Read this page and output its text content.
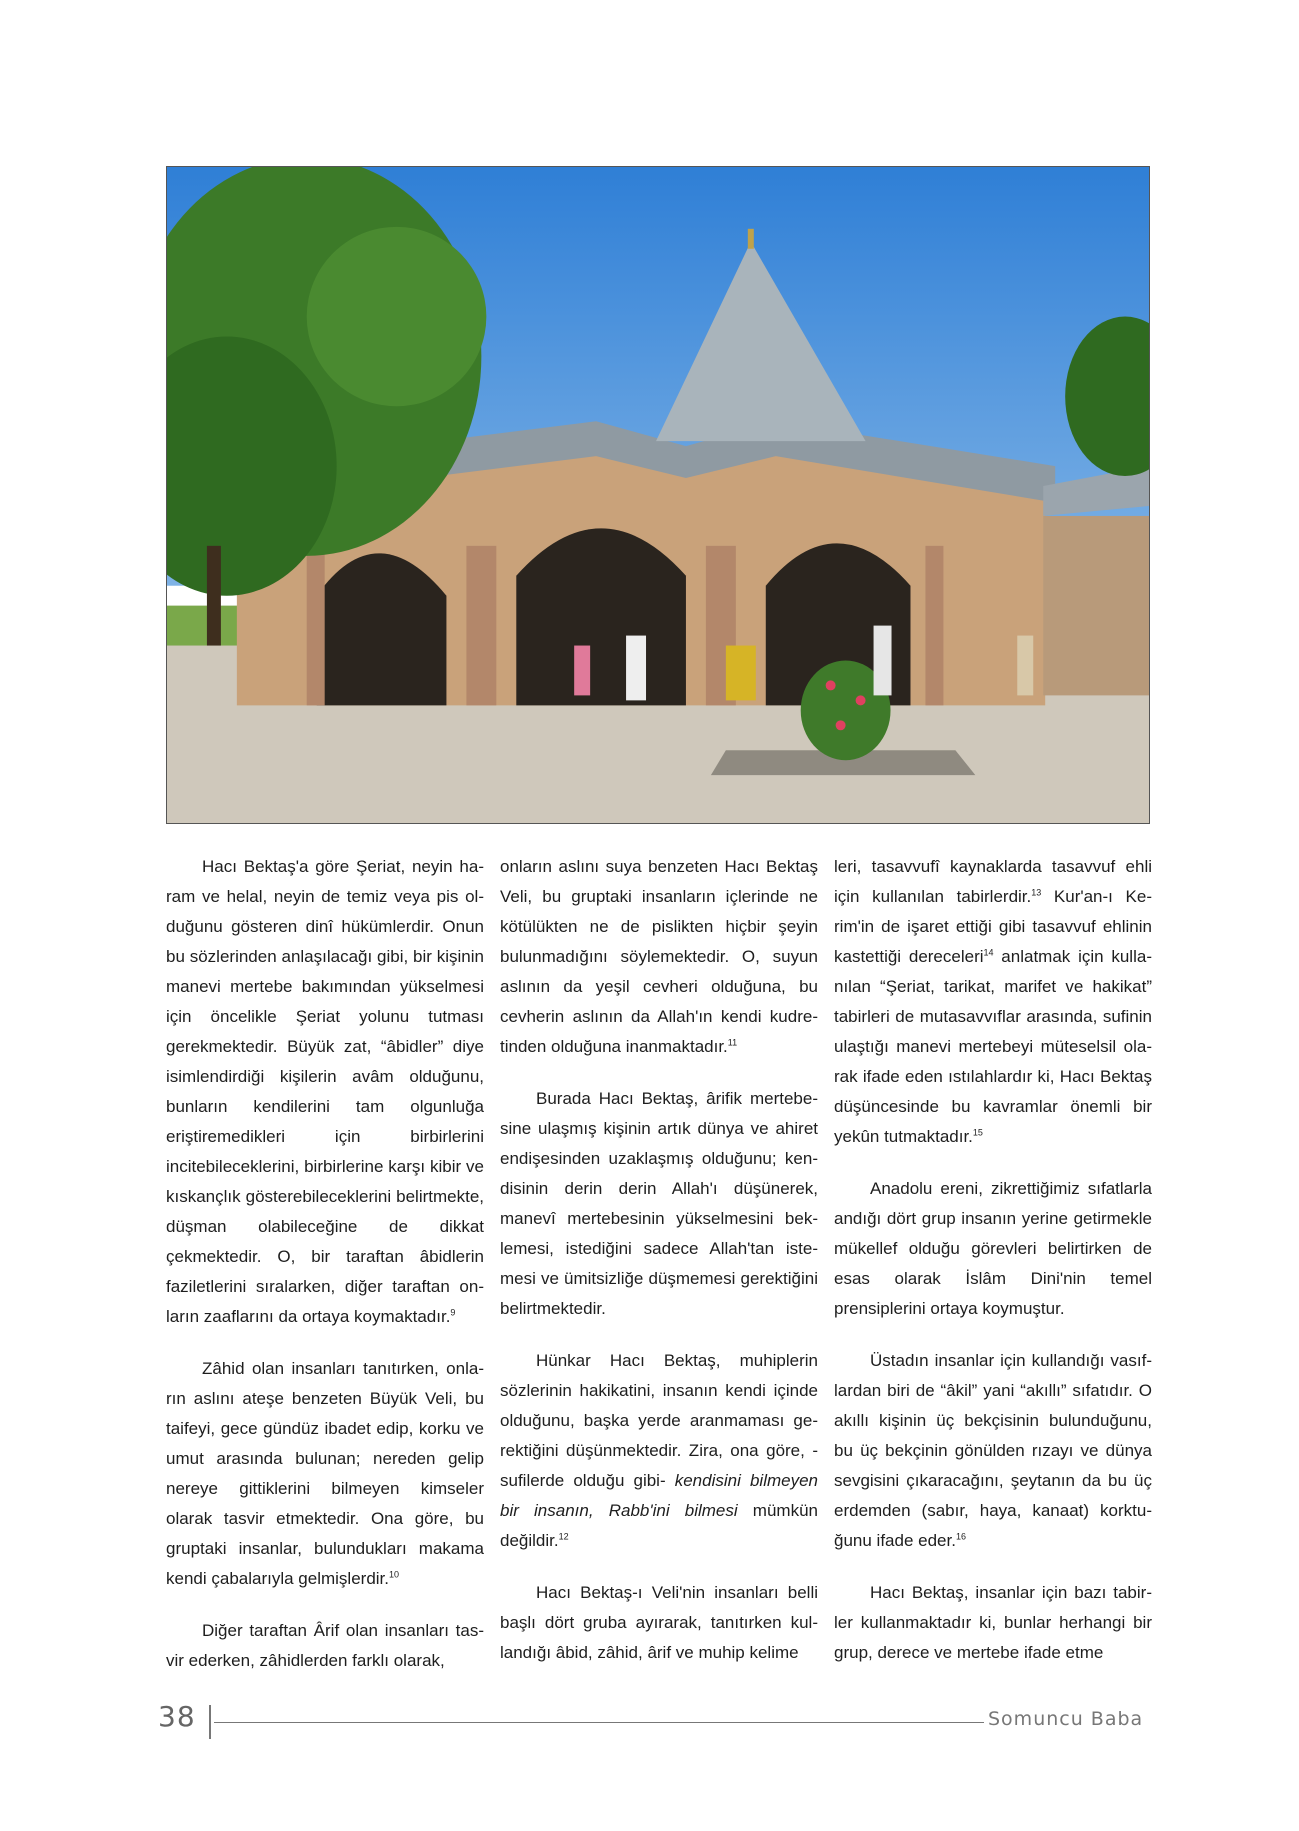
Hacı Bektaş'a göre Şeriat, neyin haram ve helal, neyin de temiz veya pis olduğunu gösteren dinî hükümlerdir. Onun bu sözlerinden anlaşılacağı gibi, bir kişinin manevi mertebe bakımından yükselmesi için öncelikle Şeriat yolunu tutması gerekmektedir. Büyük zat, “âbidler” diye isimlendirdiği kişilerin avâm olduğunu, bunların kendilerini tam olgunluğa eriştiremedikleri için birbirlerini incitebileceklerini, birbirlerine karşı kibir ve kıskançlık gösterebileceklerini belirtmekte, düşman olabileceğine de dikkat çekmektedir. O, bir taraftan âbidlerin faziletlerini sıralarken, diğer taraftan onların zaaflarını da ortaya koymaktadır.$^9$

Zâhid olan insanları tanıtırken, onların aslını ateşe benzeten Büyük Veli, bu taifeyi, gece gündüz ibadet edip, korku ve umut arasında bulunan; nereden gelip nereye gittiklerini bilmeyen kimseler olarak tasvir etmektedir. Ona göre, bu gruptaki insanlar, bulundukları makama kendi çabalarıyla gelmişlerdir.$^{10}$

Diğer taraftan Ârif olan insanları tasvir ederken, zâhidlerden farklı olarak,

onların aslını suya benzeten Hacı Bektaş Veli, bu gruptaki insanların içlerinde ne kötülükten ne de pislikten hiçbir şeyin bulunmadığını söylemektedir. O, suyun aslının da yeşil cevheri olduğuna, bu cevherin aslının da Allah'ın kendi kudretinden olduğuna inanmaktadır.$^{11}$

Burada Hacı Bektaş, ârifik mertebesine ulaşmış kişinin artık dünya ve ahiret endişesinden uzaklaşmış olduğunu; kendisinin derin derin Allah'ı düşünerek, manevî mertebesinin yükselmesini beklemesi, istediğini sadece Allah'tan istemesi ve ümitsizliğe düşmemesi gerektiğini belirtmektedir.

Hünkar Hacı Bektaş, muhiplerin sözlerinin hakikatini, insanın kendi içinde olduğunu, başka yerde aranmaması gerektiğini düşünmektedir. Zira, ona göre, -sufilerde olduğu gibi- kendisini bilmeyen bir insanın, Rabb'ini bilmesi mümkün değildir.$^{12}$

Hacı Bektaş-ı Veli'nin insanları belli başlı dört gruba ayırarak, tanıtırken kullandığı âbid, zâhid, ârif ve muhip kelime

leri, tasavvufî kaynaklarda tasavvuf ehli için kullanılan tabirlerdir.$^{13}$ Kur'an-ı Kerim'in de işaret ettiği gibi tasavvuf ehlinin kastettiği dereceleri$^{14}$ anlatmak için kullanılan “Şeriat, tarikat, marifet ve hakikat” tabirleri de mutasavvıflar arasında, sufinin ulaştığı manevi mertebeyi müteselsil olarak ifade eden ıstılahlardır ki, Hacı Bektaş düşüncesinde bu kavramlar önemli bir yekûn tutmaktadır.$^{15}$

Anadolu ereni, zikrettiğimiz sıfatlarla andığı dört grup insanın yerine getirmekle mükellef olduğu görevleri belirtirken de esas olarak İslâm Dini'nin temel prensiplerini ortaya koymuştur.

Üstadın insanlar için kullandığı vasıflardan biri de “âkil” yani “akıllı” sıfatıdır. O akıllı kişinin üç bekçisinin bulunduğunu, bu üç bekçinin gönülden rızayı ve dünya sevgisini çıkaracağını, şeytanın da bu üç erdemden (sabır, haya, kanaat) korktuğunu ifade eder.$^{16}$

Hacı Bektaş, insanlar için bazı tabirler kullanmaktadır ki, bunlar herhangi bir grup, derece ve mertebe ifade etme

38	Somuncu Baba
